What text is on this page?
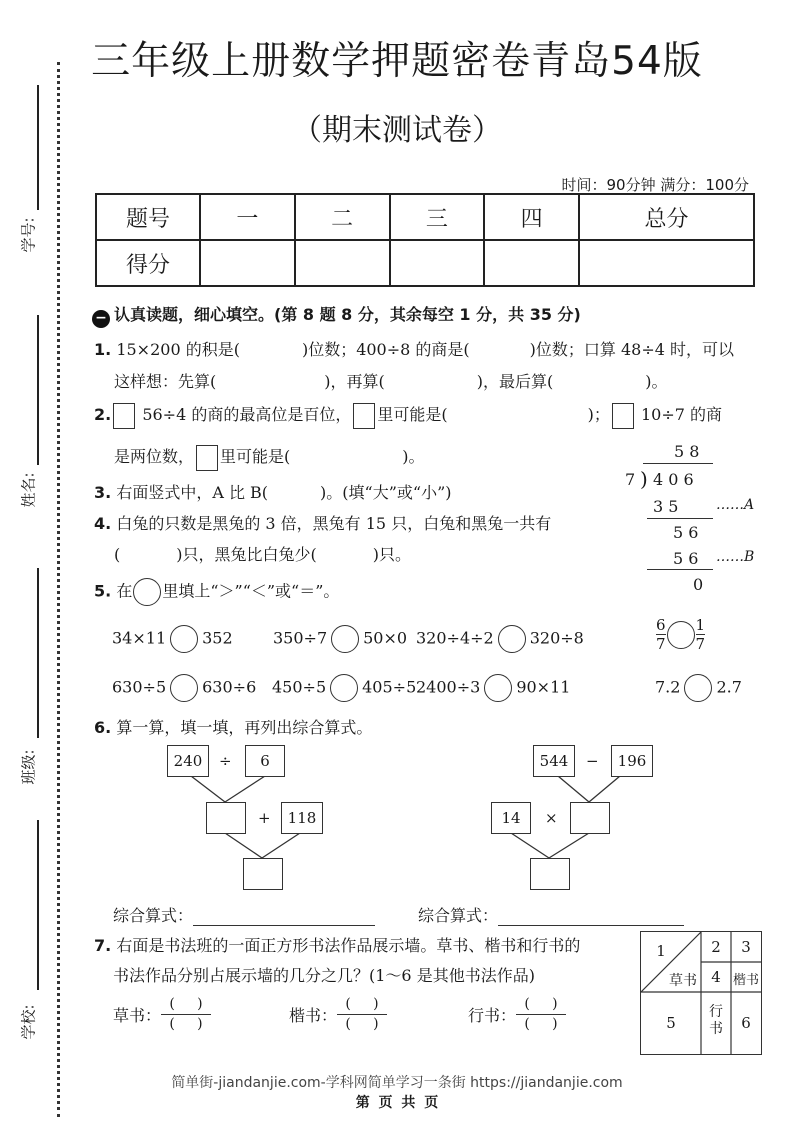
学号:
姓名:
班级:
学校:
三年级上册数学押题密卷青岛54版
（期末测试卷）
时间：90分钟 满分：100分
题号	一	二	三	四	总分
得分					
− 认真读题，细心填空。(第 8 题 8 分，其余每空 1 分，共 35 分)
1. 15×200 的积是(	)位数；400÷8 的商是(	)位数；口算 48÷4 时，可以
这样想：先算(	)，再算(	)，最后算(	)。
2. 56÷4 的商的最高位是百位， 里可能是(	)； 10÷7 的商
是两位数， 里可能是(	)。
3. 右面竖式中，A 比 B(	)。(填“大”或“小”)
4. 白兔的只数是黑兔的 3 倍，黑兔有 15 只，白兔和黑兔一共有
(	)只，黑兔比白兔少(	)只。
5 8
7 ) 4 0 6
3 5	……A
5 6
5 6 ……B
0
5. 在 里填上“＞”“＜”或“＝”。
34×11 352	350÷7 50×0 320÷4÷2 320÷8	$\frac{6}{7} \frac{1}{7}$
630÷5 630÷6 450÷5 405÷5 2400÷3 90×11	7.2 2.7
6. 算一算，填一填，再列出综合算式。
240	÷	6
+	118
544	−	196
14	×
综合算式：	综合算式：
7. 右面是书法班的一面正方形书法作品展示墙。草书、楷书和行书的
书法作品分别占展示墙的几分之几？(1～6 是其他书法作品)
草书：
( )
( )	楷书：
( )
( )	行书：
( )
( )
1
草书
2	3
4 楷书
5
行
书	6
简单街-jiandanjie.com-学科网简单学习一条街 https://jiandanjie.com
第 页 共 页
